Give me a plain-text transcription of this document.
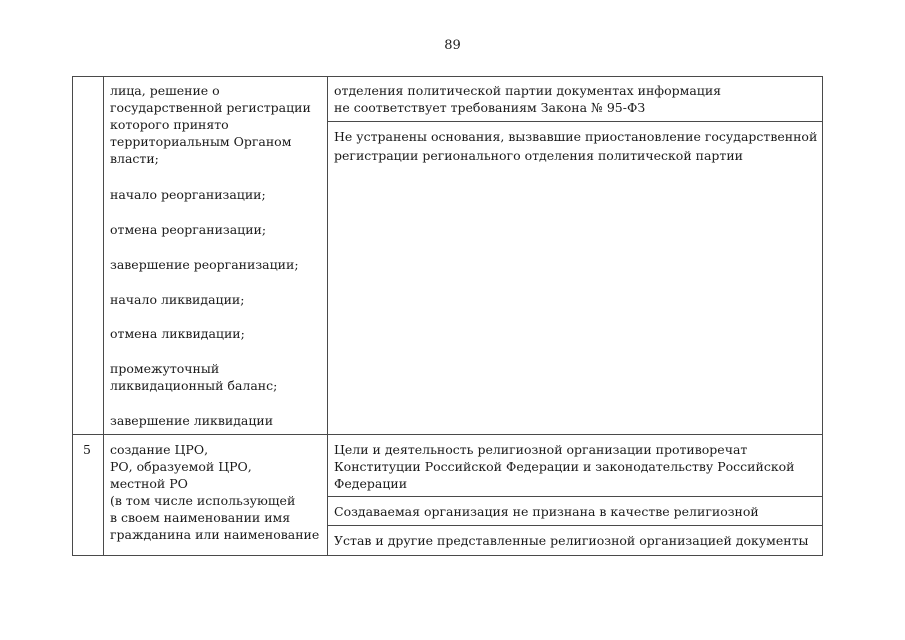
89
лица, решение о
государственной регистрации
которого принято
территориальным Органом
власти;
начало реорганизации;
отмена реорганизации;
завершение реорганизации;
начало ликвидации;
отмена ликвидации;
промежуточный
ликвидационный баланс;
завершение ликвидации
отделения политической партии документах информация
не соответствует требованиям Закона № 95-ФЗ
Не устранены основания, вызвавшие приостановление государственной
регистрации регионального отделения политической партии
5 создание ЦРО,
РО, образуемой ЦРО,
местной РО
(в том числе использующей
в своем наименовании имя
гражданина или наименование
Цели и деятельность религиозной организации противоречат
Конституции Российской Федерации и законодательству Российской
Федерации
Создаваемая организация не признана в качестве религиозной
Устав и другие представленные религиозной организацией документы
